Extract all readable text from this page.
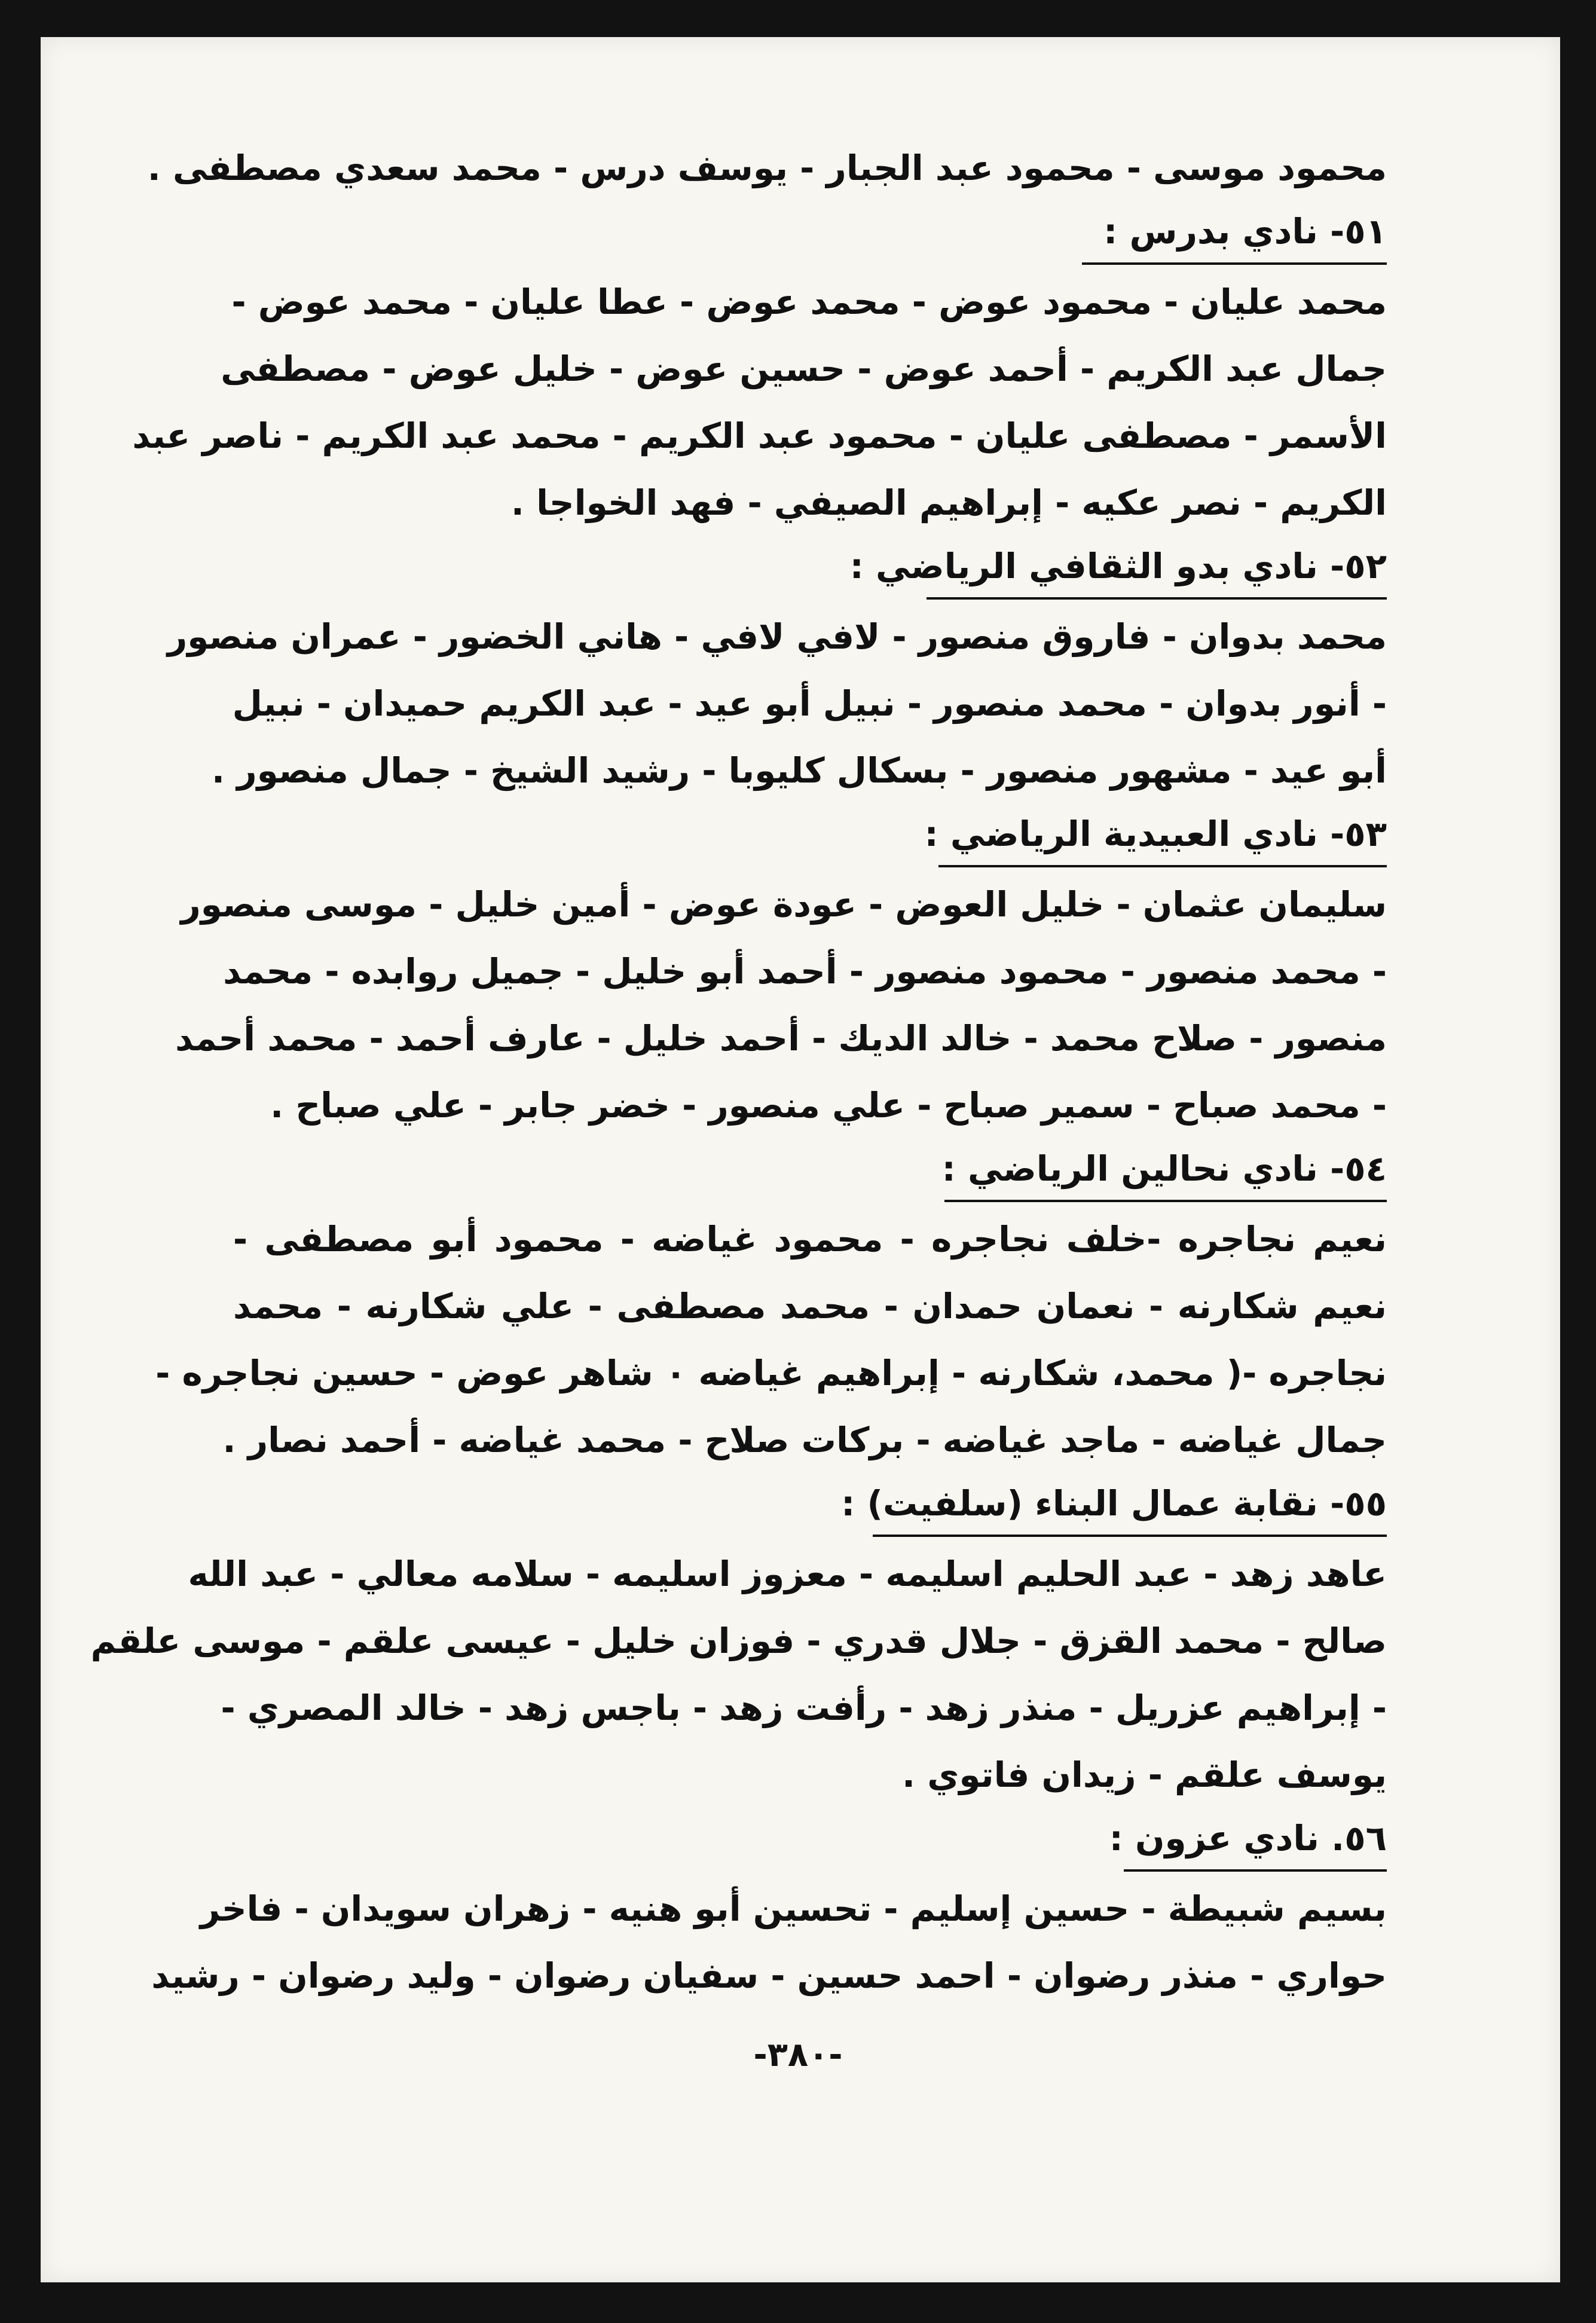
محمود موسى - محمود عبد الجبار - يوسف درس - محمد سعدي مصطفى .
٥١- نادي بدرس :
محمد عليان - محمود عوض - محمد عوض - عطا عليان - محمد عوض -
جمال عبد الكريم - أحمد عوض - حسين عوض - خليل عوض - مصطفى
الأسمر - مصطفى عليان - محمود عبد الكريم - محمد عبد الكريم - ناصر عبد
الكريم - نصر عكيه - إبراهيم الصيفي - فهد الخواجا .
٥٢- نادي بدو الثقافي الرياضي :
محمد بدوان - فاروق منصور - لافي لافي - هاني الخضور - عمران منصور
- أنور بدوان - محمد منصور - نبيل أبو عيد - عبد الكريم حميدان - نبيل
أبو عيد - مشهور منصور - بسكال كليوبا - رشيد الشيخ - جمال منصور .
٥٣- نادي العبيدية الرياضي :
سليمان عثمان - خليل العوض - عودة عوض - أمين خليل - موسى منصور
- محمد منصور - محمود منصور - أحمد أبو خليل - جميل روابده - محمد
منصور - صلاح محمد - خالد الديك - أحمد خليل - عارف أحمد - محمد أحمد
- محمد صباح - سمير صباح - علي منصور - خضر جابر - علي صباح .
٥٤- نادي نحالين الرياضي :
نعيم نجاجره -خلف نجاجره - محمود غياضه - محمود أبو مصطفى -
نعيم شكارنه - نعمان حمدان - محمد مصطفى - علي شكارنه - محمد
نجاجره -( محمد، شكارنه - إبراهيم غياضه ٠ شاهر عوض - حسين نجاجره -
جمال غياضه - ماجد غياضه - بركات صلاح - محمد غياضه - أحمد نصار .
٥٥- نقابة عمال البناء (سلفيت) :
عاهد زهد - عبد الحليم اسليمه - معزوز اسليمه - سلامه معالي - عبد الله
صالح - محمد القزق - جلال قدري - فوزان خليل - عيسى علقم - موسى علقم
- إبراهيم عزريل - منذر زهد - رأفت زهد - باجس زهد - خالد المصري -
يوسف علقم - زيدان فاتوي .
٥٦. نادي عزون :
بسيم شبيطة - حسين إسليم - تحسين أبو هنيه - زهران سويدان - فاخر
حواري - منذر رضوان - احمد حسين - سفيان رضوان - وليد رضوان - رشيد
-٣٨٠-
